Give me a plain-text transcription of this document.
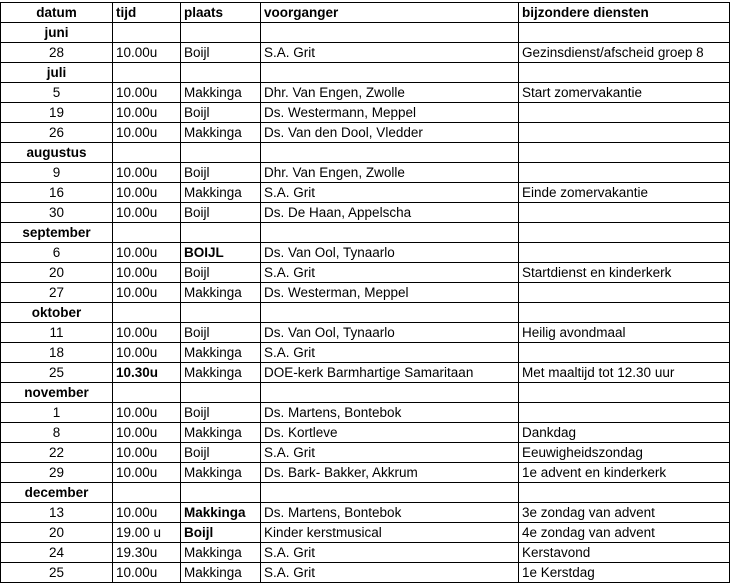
datum	tijd	plaats	voorganger	bijzondere diensten
juni				
28	10.00u	Boijl	S.A. Grit	Gezinsdienst/afscheid groep 8
juli				
5	10.00u	Makkinga	Dhr. Van Engen, Zwolle	Start zomervakantie
19	10.00u	Boijl	Ds. Westermann, Meppel	
26	10.00u	Makkinga	Ds. Van den Dool, Vledder	
augustus				
9	10.00u	Boijl	Dhr. Van Engen, Zwolle	
16	10.00u	Makkinga	S.A. Grit	Einde zomervakantie
30	10.00u	Boijl	Ds. De Haan, Appelscha	
september				
6	10.00u	BOIJL	Ds. Van Ool, Tynaarlo	
20	10.00u	Boijl	S.A. Grit	Startdienst en kinderkerk
27	10.00u	Makkinga	Ds. Westerman, Meppel	
oktober				
11	10.00u	Boijl	Ds. Van Ool, Tynaarlo	Heilig avondmaal
18	10.00u	Makkinga	S.A. Grit	
25	10.30u	Makkinga	DOE-kerk Barmhartige Samaritaan	Met maaltijd tot 12.30 uur
november				
1	10.00u	Boijl	Ds. Martens, Bontebok	
8	10.00u	Makkinga	Ds. Kortleve	Dankdag
22	10.00u	Boijl	S.A. Grit	Eeuwigheidszondag
29	10.00u	Makkinga	Ds. Bark- Bakker, Akkrum	1e advent en kinderkerk
december				
13	10.00u	Makkinga	Ds. Martens, Bontebok	3e zondag van advent
20	19.00 u	Boijl	Kinder kerstmusical	4e zondag van advent
24	19.30u	Makkinga	S.A. Grit	Kerstavond
25	10.00u	Makkinga	S.A. Grit	1e Kerstdag
